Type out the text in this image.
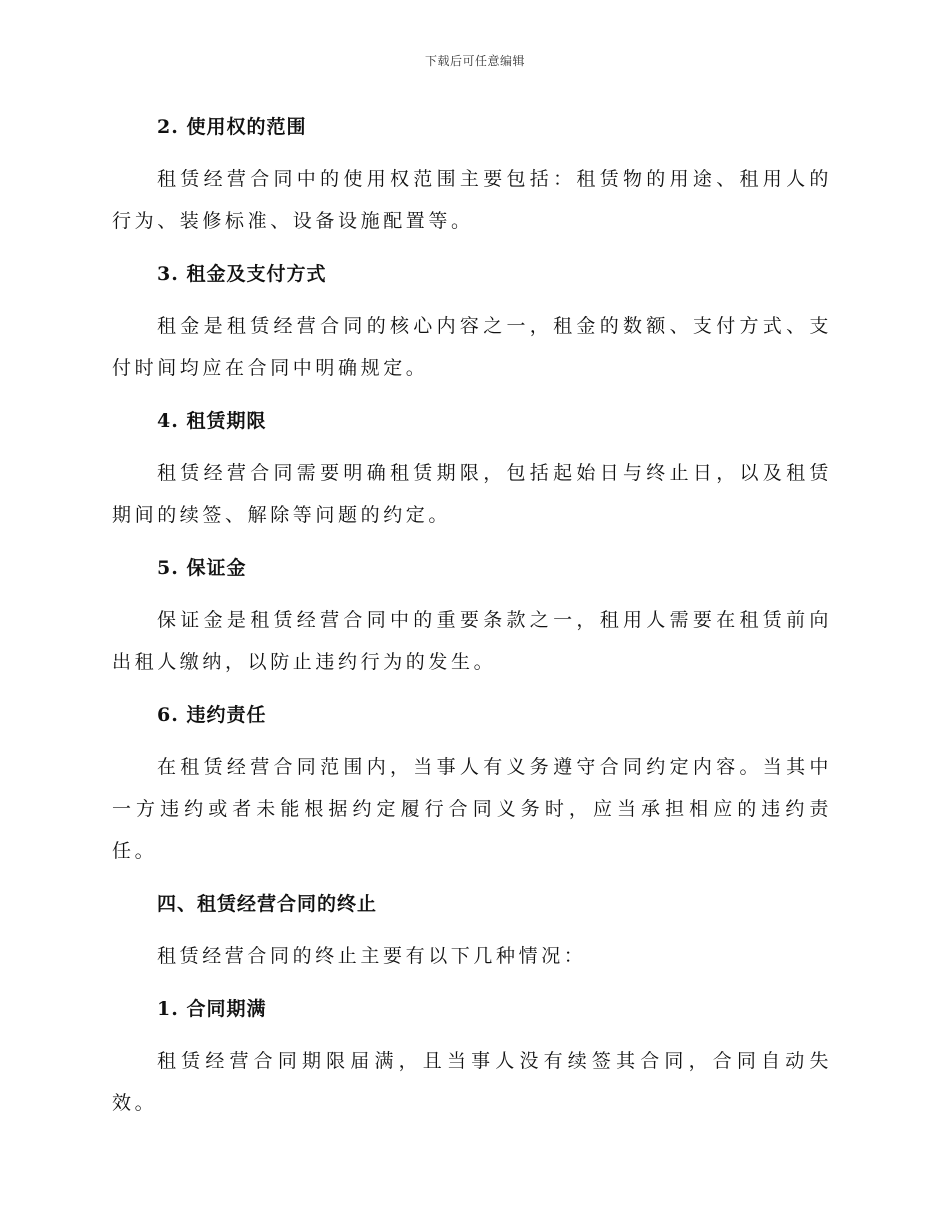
下载后可任意编辑
2. 使用权的范围

租赁经营合同中的使用权范围主要包括：租赁物的用途、租用人的行为、装修标准、设备设施配置等。

3. 租金及支付方式

租金是租赁经营合同的核心内容之一，租金的数额、支付方式、支付时间均应在合同中明确规定。

4. 租赁期限

租赁经营合同需要明确租赁期限，包括起始日与终止日，以及租赁期间的续签、解除等问题的约定。

5. 保证金

保证金是租赁经营合同中的重要条款之一，租用人需要在租赁前向出租人缴纳，以防止违约行为的发生。

6. 违约责任

在租赁经营合同范围内，当事人有义务遵守合同约定内容。当其中一方违约或者未能根据约定履行合同义务时，应当承担相应的违约责任。

四、租赁经营合同的终止

租赁经营合同的终止主要有以下几种情况：

1. 合同期满

租赁经营合同期限届满，且当事人没有续签其合同，合同自动失效。
